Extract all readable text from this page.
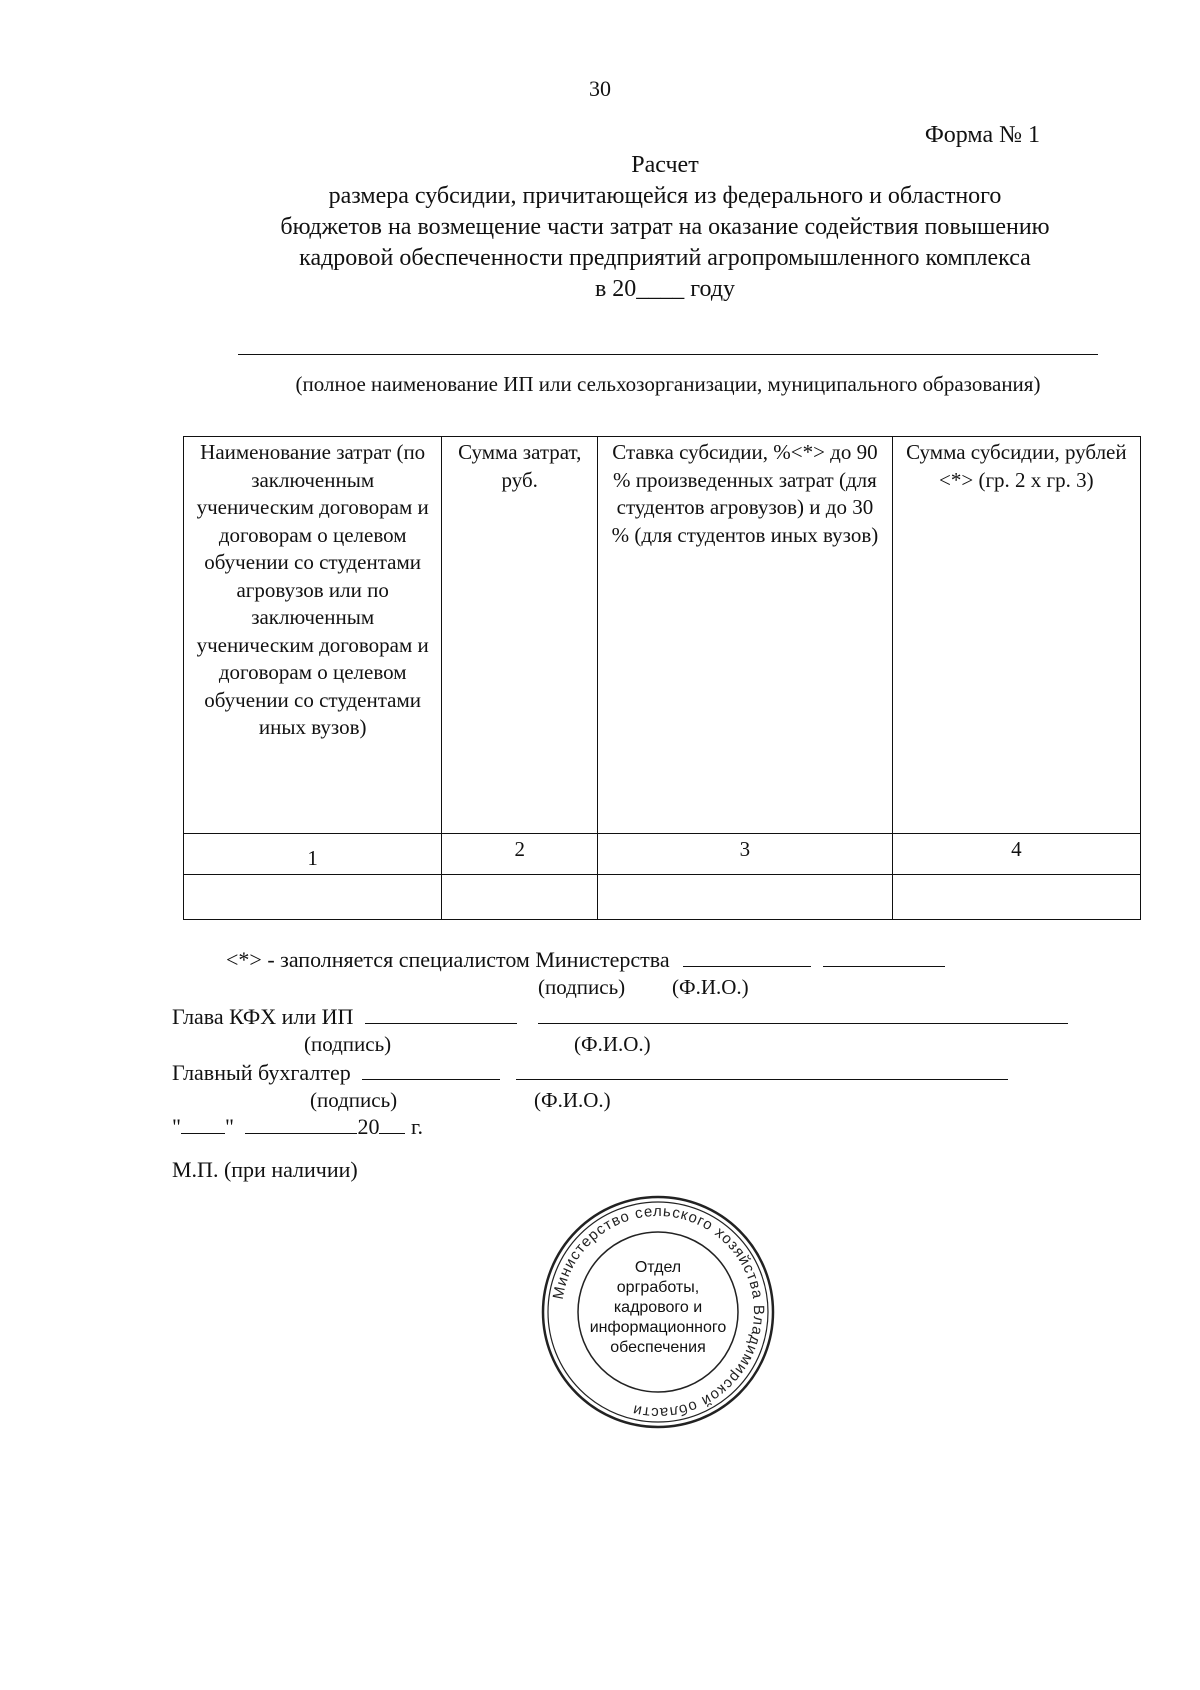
30
Форма № 1
Расчет
размера субсидии, причитающейся из федерального и областного
бюджетов на возмещение части затрат на оказание содействия повышению
кадровой обеспеченности предприятий агропромышленного комплекса
в 20____ году
(полное наименование ИП или сельхозорганизации, муниципального образования)
Наименование затрат (по заключенным ученическим договорам и договорам о целевом обучении со студентами агровузов или по заключенным ученическим договорам и договорам о целевом обучении со студентами иных вузов)	Сумма затрат, руб.	Ставка субсидии, %<*> до 90 % произведенных затрат (для студентов агровузов) и до 30 % (для студентов иных вузов)	Сумма субсидии, рублей <*> (гр. 2 х гр. 3)
1	2	3	4

<*> - заполняется специалистом Министерства
(подпись) (Ф.И.О.)
Глава КФХ или ИП
(подпись)	(Ф.И.О.)
Главный бухгалтер
(подпись)	(Ф.И.О.)
" "	20 г.
М.П. (при наличии)
Министерство сельского хозяйства Владимирской области
Отдел
оргработы,
кадрового и
информационного
обеспечения
